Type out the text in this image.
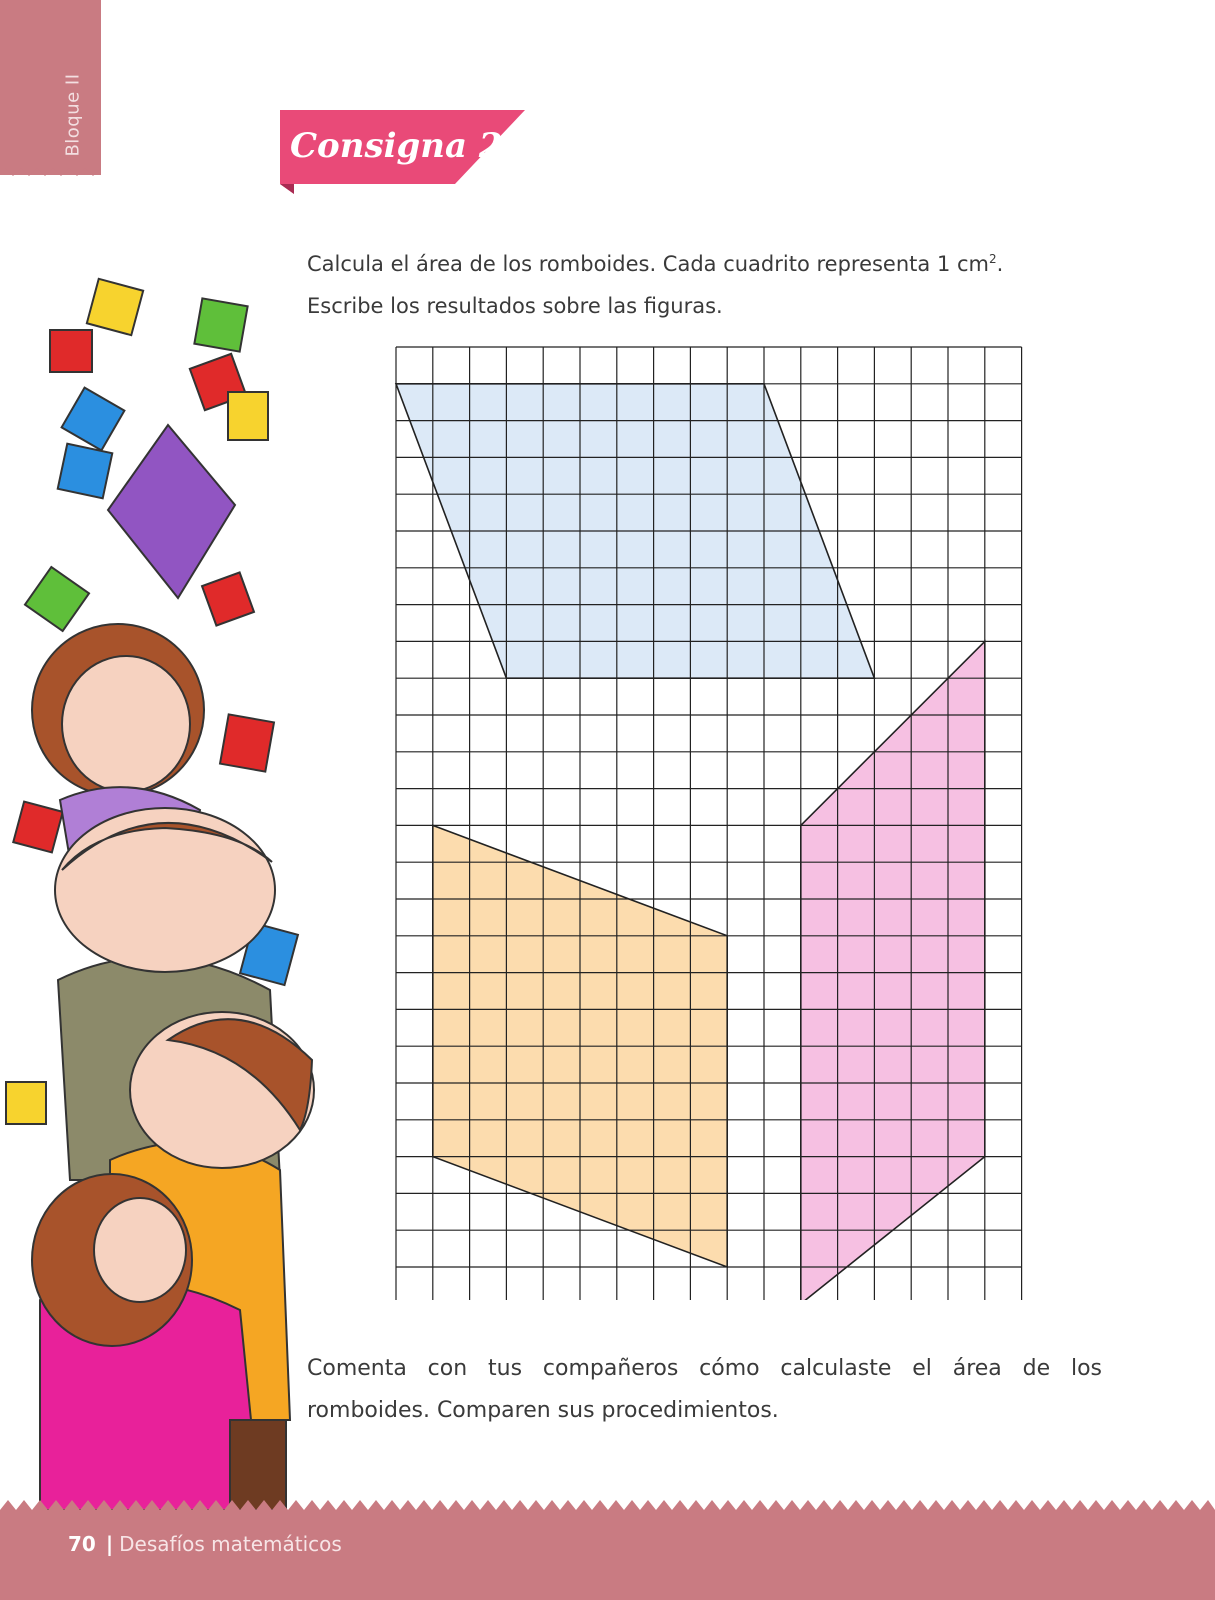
Bloque II	Consigna 2
Calcula el área de los romboides. Cada cuadrito representa 1 $cm^2$.
Escribe los resultados sobre las figuras.
Comenta con tus compañeros cómo calculaste el área de los romboides. Comparen sus procedimientos.
70 | Desafíos matemáticos
